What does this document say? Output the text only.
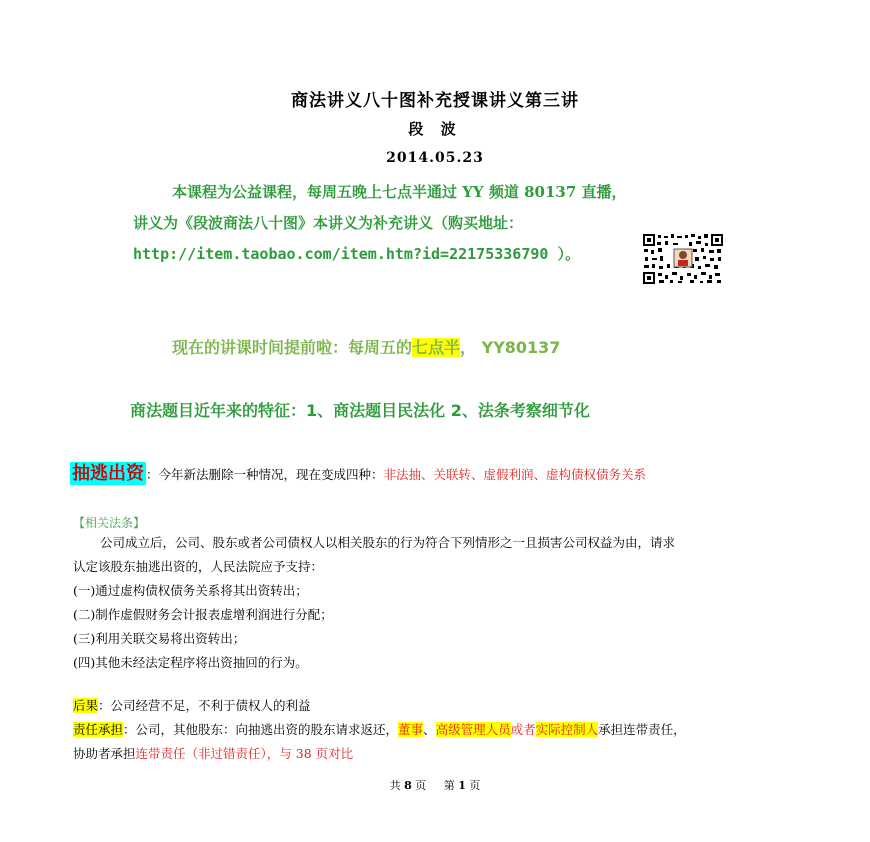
商法讲义八十图补充授课讲义第三讲
段 波
2014.05.23
本课程为公益课程，每周五晚上七点半通过 YY 频道 80137 直播，
讲义为《段波商法八十图》本讲义为补充讲义（购买地址：
http://item.taobao.com/item.htm?id=22175336790 ）。
现在的讲课时间提前啦：每周五的七点半， YY80137
商法题目近年来的特征：1、商法题目民法化 2、法条考察细节化
抽逃出资 ：今年新法删除一种情况，现在变成四种：非法抽、关联转、虚假利润、虚构债权债务关系
【相关法条】
公司成立后，公司、股东或者公司债权人以相关股东的行为符合下列情形之一且损害公司权益为由，请求
认定该股东抽逃出资的，人民法院应予支持：
(一)通过虚构债权债务关系将其出资转出；
(二)制作虚假财务会计报表虚增利润进行分配；
(三)利用关联交易将出资转出；
(四)其他未经法定程序将出资抽回的行为。
后果：公司经营不足，不利于债权人的利益
责任承担：公司，其他股东：向抽逃出资的股东请求返还，董事、高级管理人员或者实际控制人承担连带责任，
协助者承担连带责任（非过错责任），与 38 页对比
共 8 页 第 1 页
